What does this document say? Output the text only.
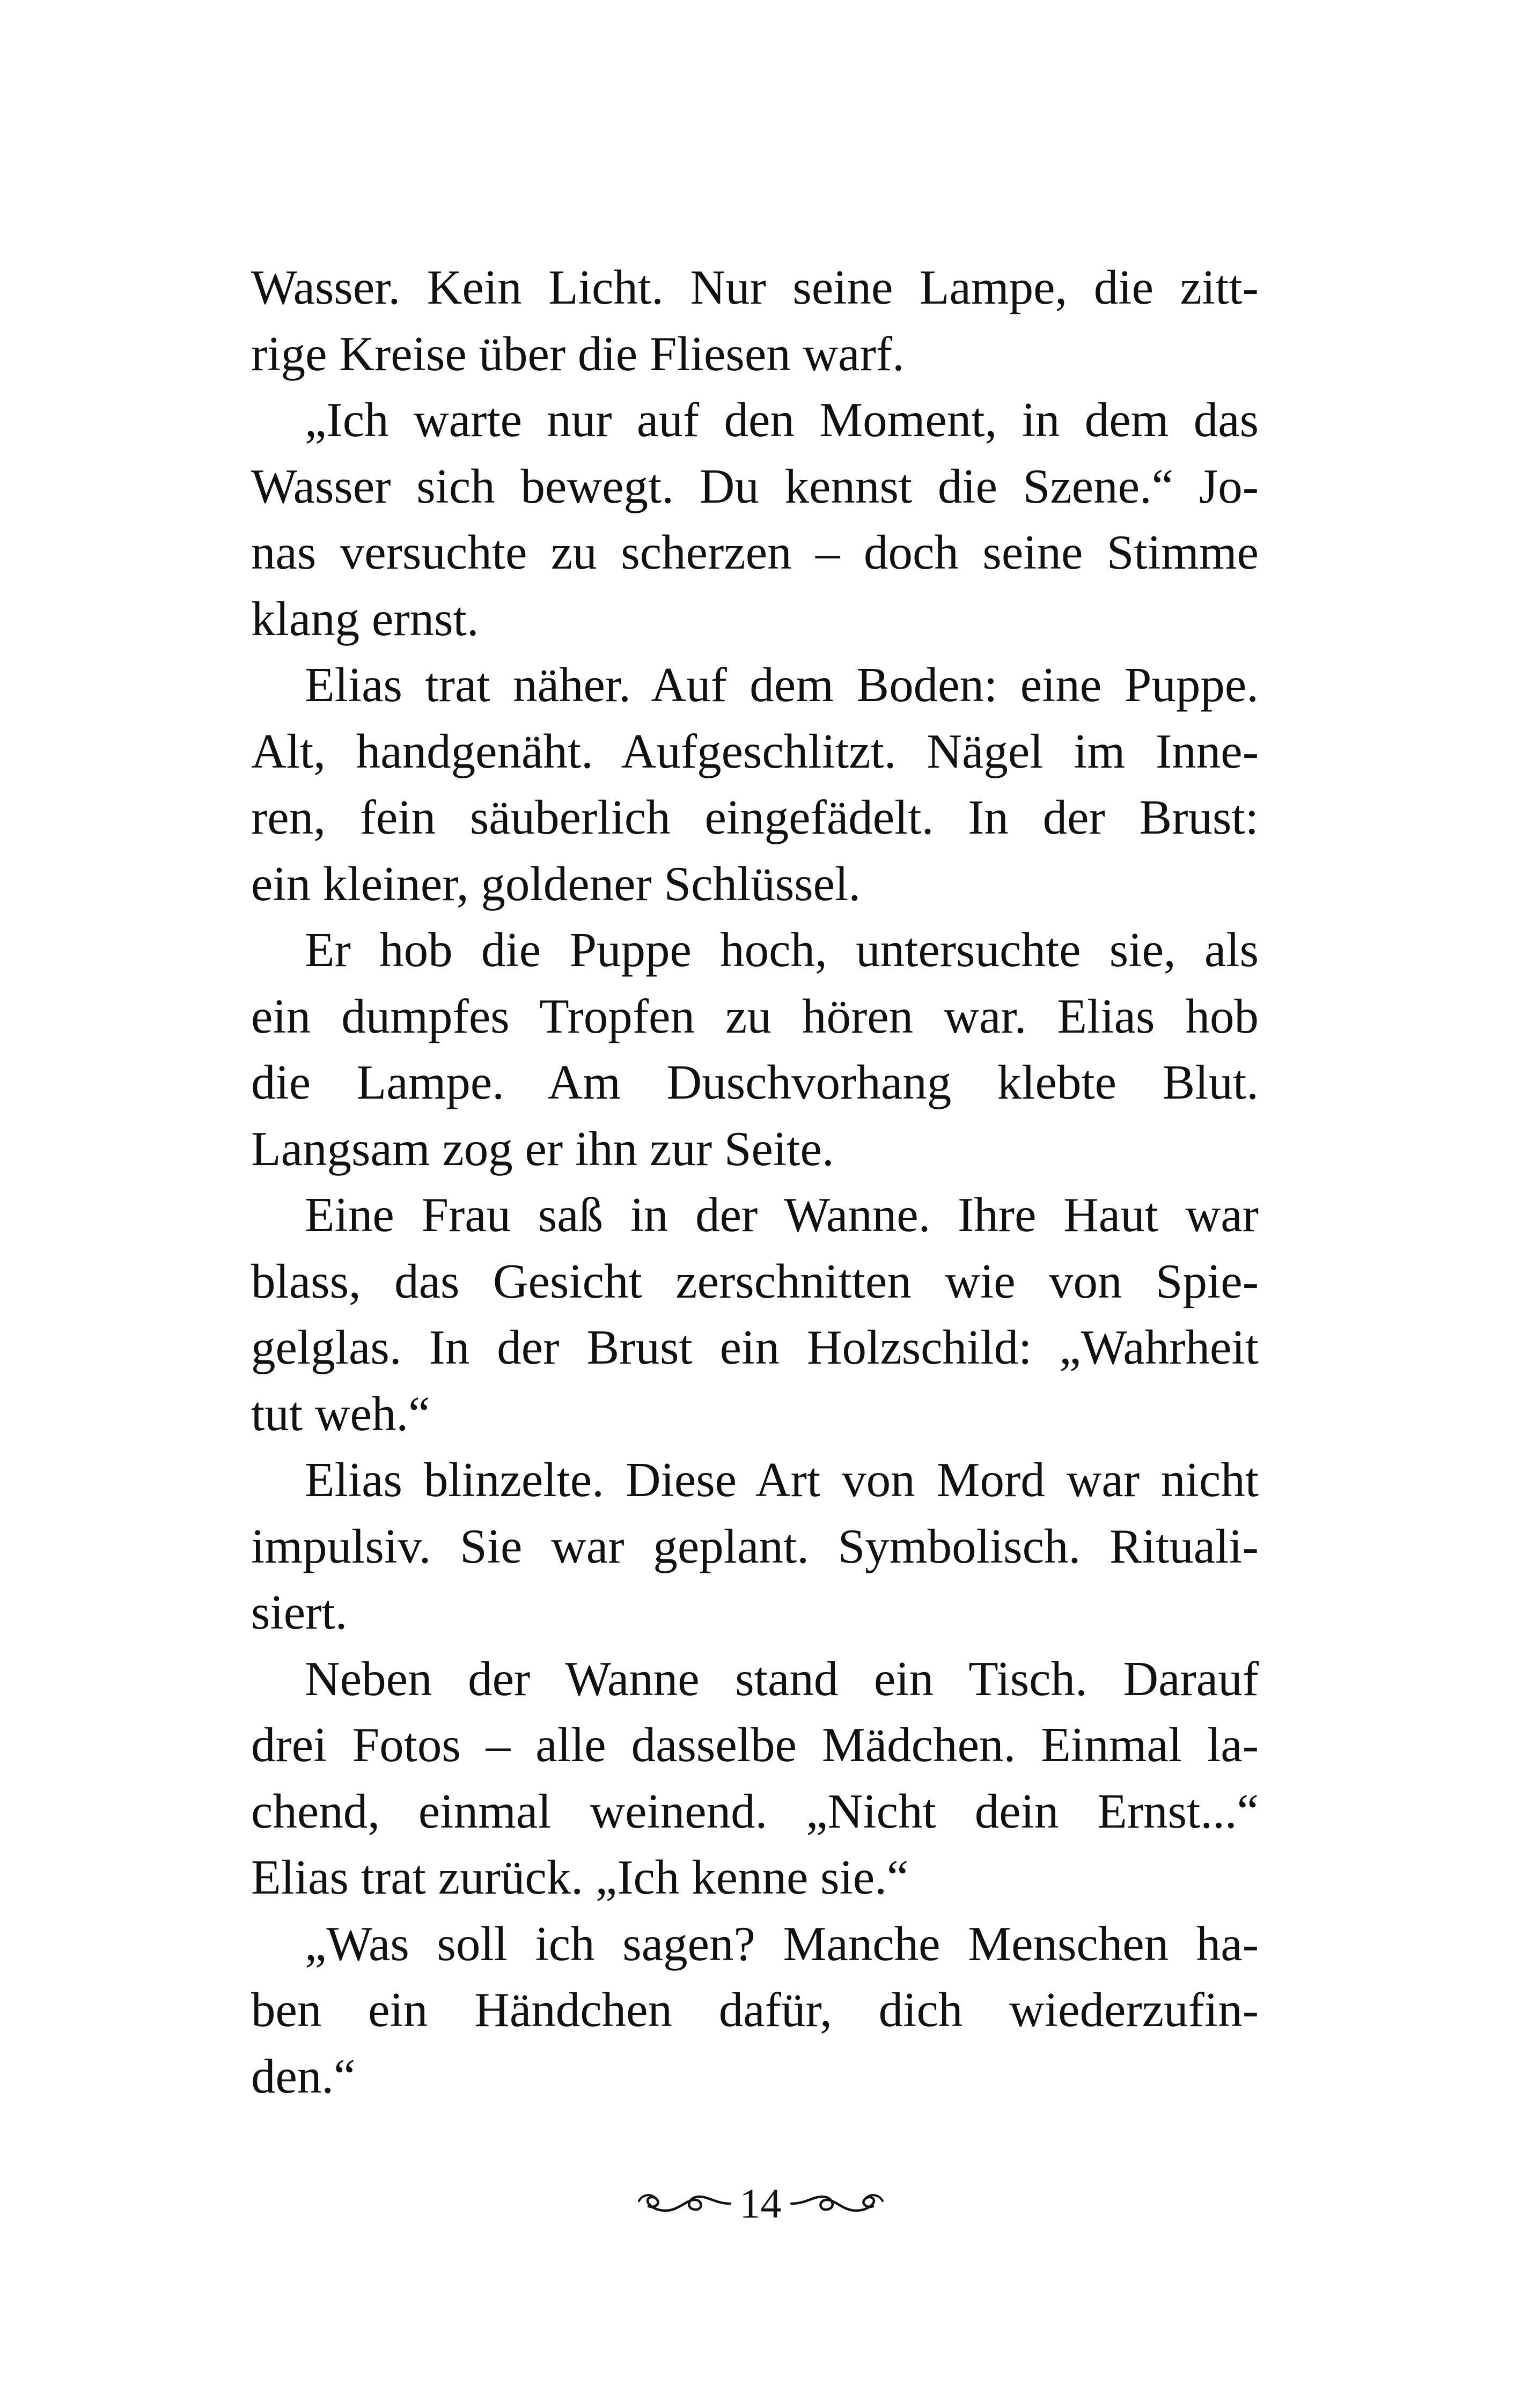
Wasser. Kein Licht. Nur seine Lampe, die zitt-
rige Kreise über die Fliesen warf.
„Ich warte nur auf den Moment, in dem das
Wasser sich bewegt. Du kennst die Szene.“ Jo-
nas versuchte zu scherzen – doch seine Stimme
klang ernst.
Elias trat näher. Auf dem Boden: eine Puppe.
Alt, handgenäht. Aufgeschlitzt. Nägel im Inne-
ren, fein säuberlich eingefädelt. In der Brust:
ein kleiner, goldener Schlüssel.
Er hob die Puppe hoch, untersuchte sie, als
ein dumpfes Tropfen zu hören war. Elias hob
die Lampe. Am Duschvorhang klebte Blut.
Langsam zog er ihn zur Seite.
Eine Frau saß in der Wanne. Ihre Haut war
blass, das Gesicht zerschnitten wie von Spie-
gelglas. In der Brust ein Holzschild: „Wahrheit
tut weh.“
Elias blinzelte. Diese Art von Mord war nicht
impulsiv. Sie war geplant. Symbolisch. Rituali-
siert.
Neben der Wanne stand ein Tisch. Darauf
drei Fotos – alle dasselbe Mädchen. Einmal la-
chend, einmal weinend. „Nicht dein Ernst...“
Elias trat zurück. „Ich kenne sie.“
„Was soll ich sagen? Manche Menschen ha-
ben ein Händchen dafür, dich wiederzufin-
den.“
14
